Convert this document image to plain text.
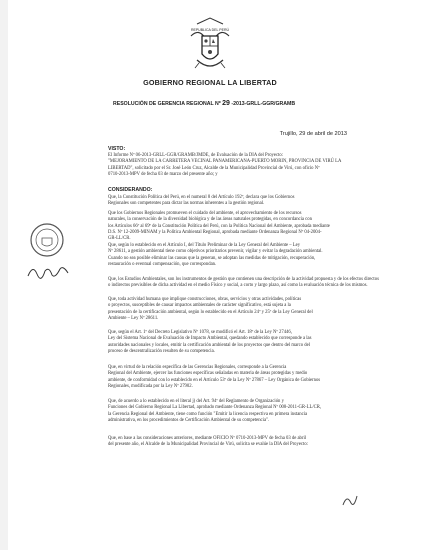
REPUBLICA DEL PERÚ
GOBIERNO REGIONAL LA LIBERTAD
RESOLUCIÓN DE GERENCIA REGIONAL Nº 29 -2013-GRLL-GGR/GRAMB
Trujillo, 29 de abril de 2013
VISTO:
CONSIDERANDO:
El Informe Nº 06-2013-GRLL-GGR/GRAMB/JMDE, de Evaluación de la DIA del Proyecto:
"MEJORAMIENTO DE LA CARRETERA VECINAL PANAMERICANA-PUERTO MORIN, PROVINCIA DE VIRÚ LA
LIBERTAD", solicitado por el Sr. José León Cruz, Alcalde de la Municipalidad Provincial de Virú, con oficio Nº
0710-2013-MPV de fecha 03 de marzo del presente año; y
Que, la Constitución Política del Perú, en el numeral 8 del Artículo 192º, declara que los Gobiernos
Regionales son competentes para dictar las normas inherentes a la gestión regional.
Que los Gobiernos Regionales promueven el cuidado del ambiente, el aprovechamiento de los recursos
naturales, la conservación de la diversidad biológica y de las áreas naturales protegidas, en concordancia con
los Artículos 66º al 69º de la Constitución Política del Perú, con la Política Nacional del Ambiente, aprobada mediante
D.S. Nº 12-2009-MINAM y la Política Ambiental Regional, aprobada mediante Ordenanza Regional Nº 04-2004-
GR-LL/CR.
Que, según lo establecido en el Artículo I, del Título Preliminar de la Ley General del Ambiente – Ley
Nº 28611, a gestión ambiental tiene como objetivos prioritarios prevenir, vigilar y evitar la degradación ambiental.
Cuando no sea posible eliminar las causas que la generan, se adoptan las medidas de mitigación, recuperación,
restauración o eventual compensación, que correspondan.
Que, los Estudios Ambientales, son los instrumentos de gestión que contienen una descripción de la actividad propuesta y de los efectos directos
o indirectos previsibles de dicha actividad en el medio Físico y social, a corto y largo plazo, así como la evaluación técnica de los mismos.
Que, toda actividad humana que implique construcciones, obras, servicios y otras actividades, políticas
o proyectos, susceptibles de causar impactos ambientales de carácter significativo, está sujeta a la
presentación de la certificación ambiental, según lo establecido en el Artículo 24º y 25º de la Ley General del
Ambiente – Ley Nº 28611.
Que, según el Art. 1º del Decreto Legislativo Nº 1078, se modificó el Art. 18º de la Ley Nº 27446,
Ley del Sistema Nacional de Evaluación de Impacto Ambiental, quedando establecido que corresponde a las
autoridades nacionales y locales, emitir la certificación ambiental de los proyectos que dentro del marco del
proceso de descentralización resulten de su competencia.
Que, en virtud de la relación específica de las Gerencias Regionales, corresponde a la Gerencia
Regional del Ambiente, ejercer las funciones específicas señaladas en materia de áreas protegidas y medio
ambiente, de conformidad con lo establecido en el Artículo 53º de la Ley Nº 27867 – Ley Orgánica de Gobiernos
Regionales, modificada por la Ley Nº 27902.
Que, de acuerdo a lo establecido en el literal j) del Art. 94º del Reglamento de Organización y
Funciones del Gobierno Regional La Libertad, aprobado mediante Ordenanza Regional Nº 008-2011-GR-LL/CR,
la Gerencia Regional del Ambiente, tiene como función "Emitir la licencia respectiva en primera instancia
administrativa, en los procedimientos de Certificación Ambiental de su competencia".
Que, en base a las consideraciones anteriores, mediante OFICIO Nº 0710-2013-MPV de fecha 03 de abril
del presente año, el Alcalde de la Municipalidad Provincial de Virú, solicita se evalúe la DIA del Proyecto:
